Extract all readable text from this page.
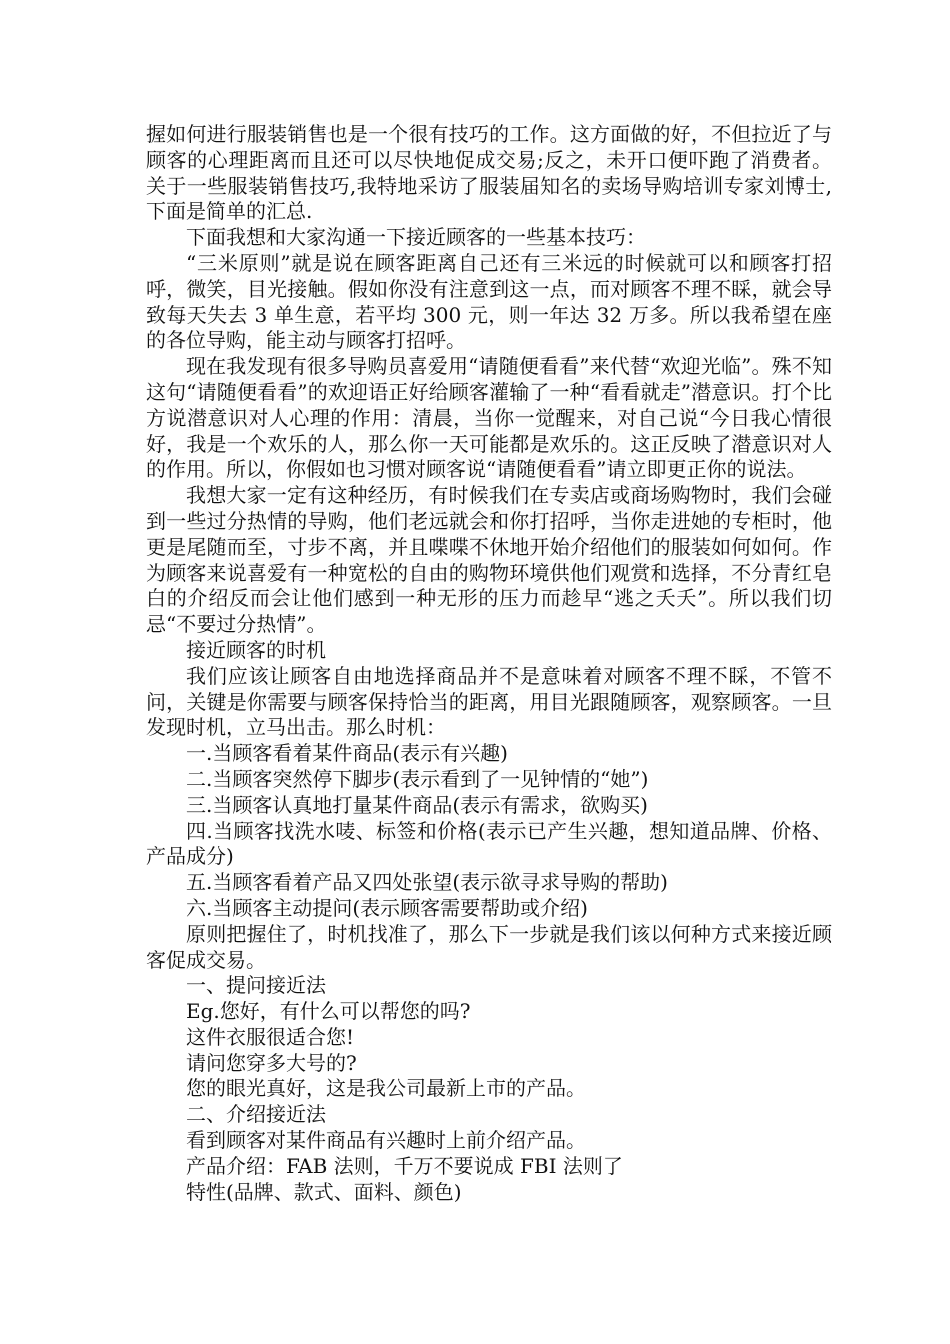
握如何进行服装销售也是一个很有技巧的工作。这方面做的好，不但拉近了与顾客的心理距离而且还可以尽快地促成交易;反之，未开口便吓跑了消费者。关于一些服装销售技巧,我特地采访了服装届知名的卖场导购培训专家刘博士,下面是简单的汇总.

下面我想和大家沟通一下接近顾客的一些基本技巧：

“三米原则”就是说在顾客距离自己还有三米远的时候就可以和顾客打招呼，微笑，目光接触。假如你没有注意到这一点，而对顾客不理不睬，就会导致每天失去 3 单生意，若平均 300 元，则一年达 32 万多。所以我希望在座的各位导购，能主动与顾客打招呼。

现在我发现有很多导购员喜爱用“请随便看看”来代替“欢迎光临”。殊不知这句“请随便看看”的欢迎语正好给顾客灌输了一种“看看就走”潜意识。打个比方说潜意识对人心理的作用：清晨，当你一觉醒来，对自己说“今日我心情很好，我是一个欢乐的人，那么你一天可能都是欢乐的。这正反映了潜意识对人的作用。所以，你假如也习惯对顾客说“请随便看看”请立即更正你的说法。

我想大家一定有这种经历，有时候我们在专卖店或商场购物时，我们会碰到一些过分热情的导购，他们老远就会和你打招呼，当你走进她的专柜时，他更是尾随而至，寸步不离，并且喋喋不休地开始介绍他们的服装如何如何。作为顾客来说喜爱有一种宽松的自由的购物环境供他们观赏和选择，不分青红皂白的介绍反而会让他们感到一种无形的压力而趁早“逃之夭夭”。所以我们切忌“不要过分热情”。

接近顾客的时机

我们应该让顾客自由地选择商品并不是意味着对顾客不理不睬，不管不问，关键是你需要与顾客保持恰当的距离，用目光跟随顾客，观察顾客。一旦发现时机，立马出击。那么时机：

一.当顾客看着某件商品(表示有兴趣)

二.当顾客突然停下脚步(表示看到了一见钟情的“她”)

三.当顾客认真地打量某件商品(表示有需求，欲购买)

四.当顾客找洗水唛、标签和价格(表示已产生兴趣，想知道品牌、价格、产品成分)

五.当顾客看着产品又四处张望(表示欲寻求导购的帮助)

六.当顾客主动提问(表示顾客需要帮助或介绍)

原则把握住了，时机找准了，那么下一步就是我们该以何种方式来接近顾客促成交易。

一、提问接近法

Eg.您好，有什么可以帮您的吗?

这件衣服很适合您!

请问您穿多大号的?

您的眼光真好，这是我公司最新上市的产品。

二、介绍接近法

看到顾客对某件商品有兴趣时上前介绍产品。

产品介绍：FAB 法则，千万不要说成 FBI 法则了

特性(品牌、款式、面料、颜色)
